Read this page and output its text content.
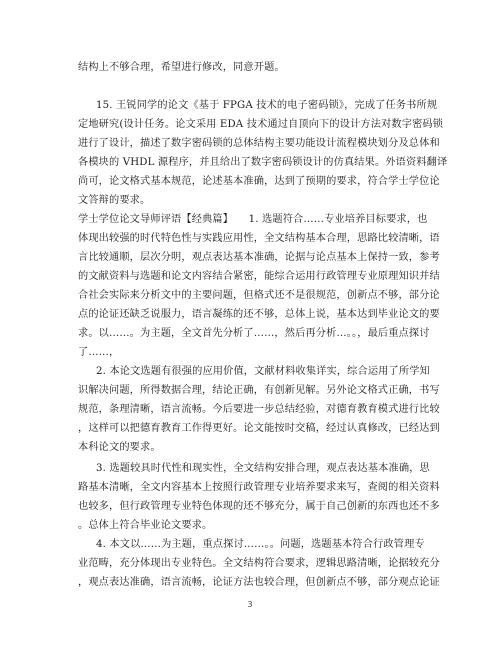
结构上不够合理，希望进行修改，同意开题。
15. 王锐同学的论文《基于 FPGA 技术的电子密码锁》，完成了任务书所规
定地研究(设计任务。论文采用 EDA 技术通过自顶向下的设计方法对数字密码锁
进行了设计，描述了数字密码锁的总体结构主要功能设计流程模块划分及总体和
各模块的 VHDL 源程序，并且给出了数字密码锁设计的仿真结果。外语资料翻译
尚可，论文格式基本规范，论述基本准确，达到了预期的要求，符合学士学位论
文答辩的要求。
学士学位论文导师评语【经典篇】　　1. 选题符合……专业培养目标要求，也
体现出较强的时代特色性与实践应用性，全文结构基本合理，思路比较清晰，语
言比较通顺，层次分明，观点表达基本准确，论据与论点基本上保持一致，参考
的文献资料与选题和论文内容结合紧密，能综合运用行政管理专业原理知识并结
合社会实际来分析文中的主要问题，但格式还不是很规范，创新点不够，部分论
点的论证还缺乏说服力，语言凝练的还不够，总体上说，基本达到毕业论文的要
求。以……。为主题，全文首先分析了……，然后再分析…。。，最后重点探讨
了……，
2. 本论文选题有很强的应用价值，文献材料收集详实，综合运用了所学知
识解决问题，所得数据合理，结论正确，有创新见解。另外论文格式正确，书写
规范，条理清晰，语言流畅。今后要进一步总结经验，对德育教育模式进行比较
，这样可以把德育教育工作得更好。论文能按时交稿，经过认真修改，已经达到
本科论文的要求。
3. 选题较具时代性和现实性，全文结构安排合理，观点表达基本准确，思
路基本清晰，全文内容基本上按照行政管理专业培养要求来写，查阅的相关资料
也较多，但行政管理专业特色体现的还不够充分，属于自己创新的东西也还不多
。总体上符合毕业论文要求。
4. 本文以……为主题，重点探讨……。。问题，选题基本符合行政管理专
业范畴，充分体现出专业特色。全文结构符合要求，逻辑思路清晰，论据较充分
，观点表达准确，语言流畅，论证方法也较合理，但创新点不够，部分观点论证
3
